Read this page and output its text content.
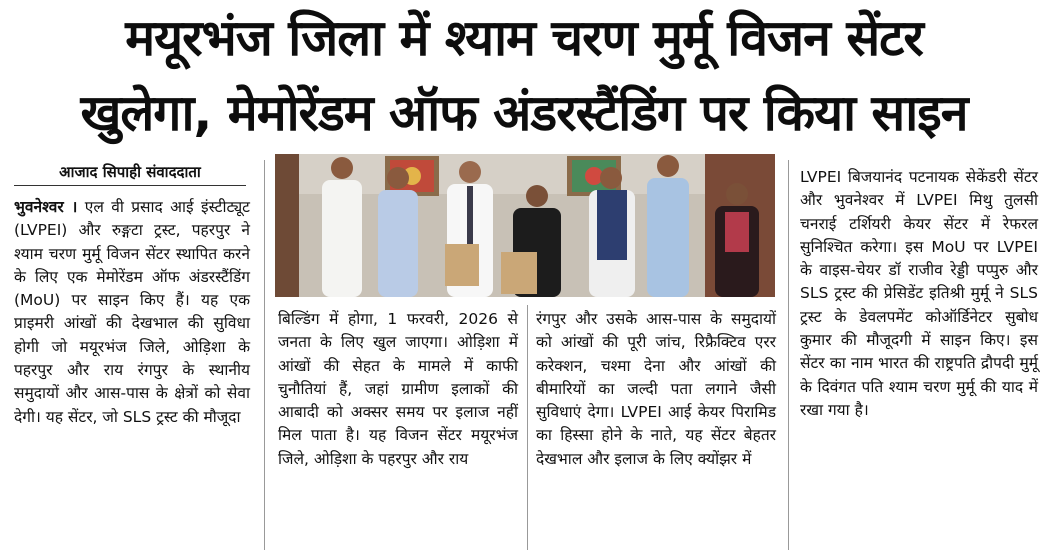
मयूरभंज जिला में श्याम चरण मुर्मू विजन सेंटर
खुलेगा, मेमोरेंडम ऑफ अंडरस्टैंडिंग पर किया साइन
आजाद सिपाही संवाददाता
भुवनेश्वर । एल वी प्रसाद आई इंस्टीट्यूट (LVPEI) और रुङ्गटा ट्रस्ट, पहरपुर ने श्याम चरण मुर्मू विजन सेंटर स्थापित करने के लिए एक मेमोरेंडम ऑफ अंडरस्टैंडिंग (MoU) पर साइन किए हैं। यह एक प्राइमरी आंखों की देखभाल की सुविधा होगी जो मयूरभंज जिले, ओड़िशा के पहरपुर और राय रंगपुर के स्थानीय समुदायों और आस-पास के क्षेत्रों को सेवा देगी। यह सेंटर, जो SLS ट्रस्ट की मौजूदा
बिल्डिंग में होगा, 1 फरवरी, 2026 से जनता के लिए खुल जाएगा। ओड़िशा में आंखों की सेहत के मामले में काफी चुनौतियां हैं, जहां ग्रामीण इलाकों की आबादी को अक्सर समय पर इलाज नहीं मिल पाता है। यह विजन सेंटर मयूरभंज जिले, ओड़िशा के पहरपुर और राय
रंगपुर और उसके आस-पास के समुदायों को आंखों की पूरी जांच, रिफ्रैक्टिव एरर करेक्शन, चश्मा देना और आंखों की बीमारियों का जल्दी पता लगाने जैसी सुविधाएं देगा। LVPEI आई केयर पिरामिड का हिस्सा होने के नाते, यह सेंटर बेहतर देखभाल और इलाज के लिए क्योंझर में
LVPEI बिजयानंद पटनायक सेकेंडरी सेंटर और भुवनेश्वर में LVPEI मिथु तुलसी चनराई टर्शियरी केयर सेंटर में रेफरल सुनिश्चित करेगा। इस MoU पर LVPEI के वाइस-चेयर डॉ राजीव रेड्डी पप्पुरु और SLS ट्रस्ट की प्रेसिडेंट इतिश्री मुर्मू ने SLS ट्रस्ट के डेवलपमेंट कोऑर्डिनेटर सुबोध कुमार की मौजूदगी में साइन किए। इस सेंटर का नाम भारत की राष्ट्रपति द्रौपदी मुर्मू के दिवंगत पति श्याम चरण मुर्मू की याद में रखा गया है।
